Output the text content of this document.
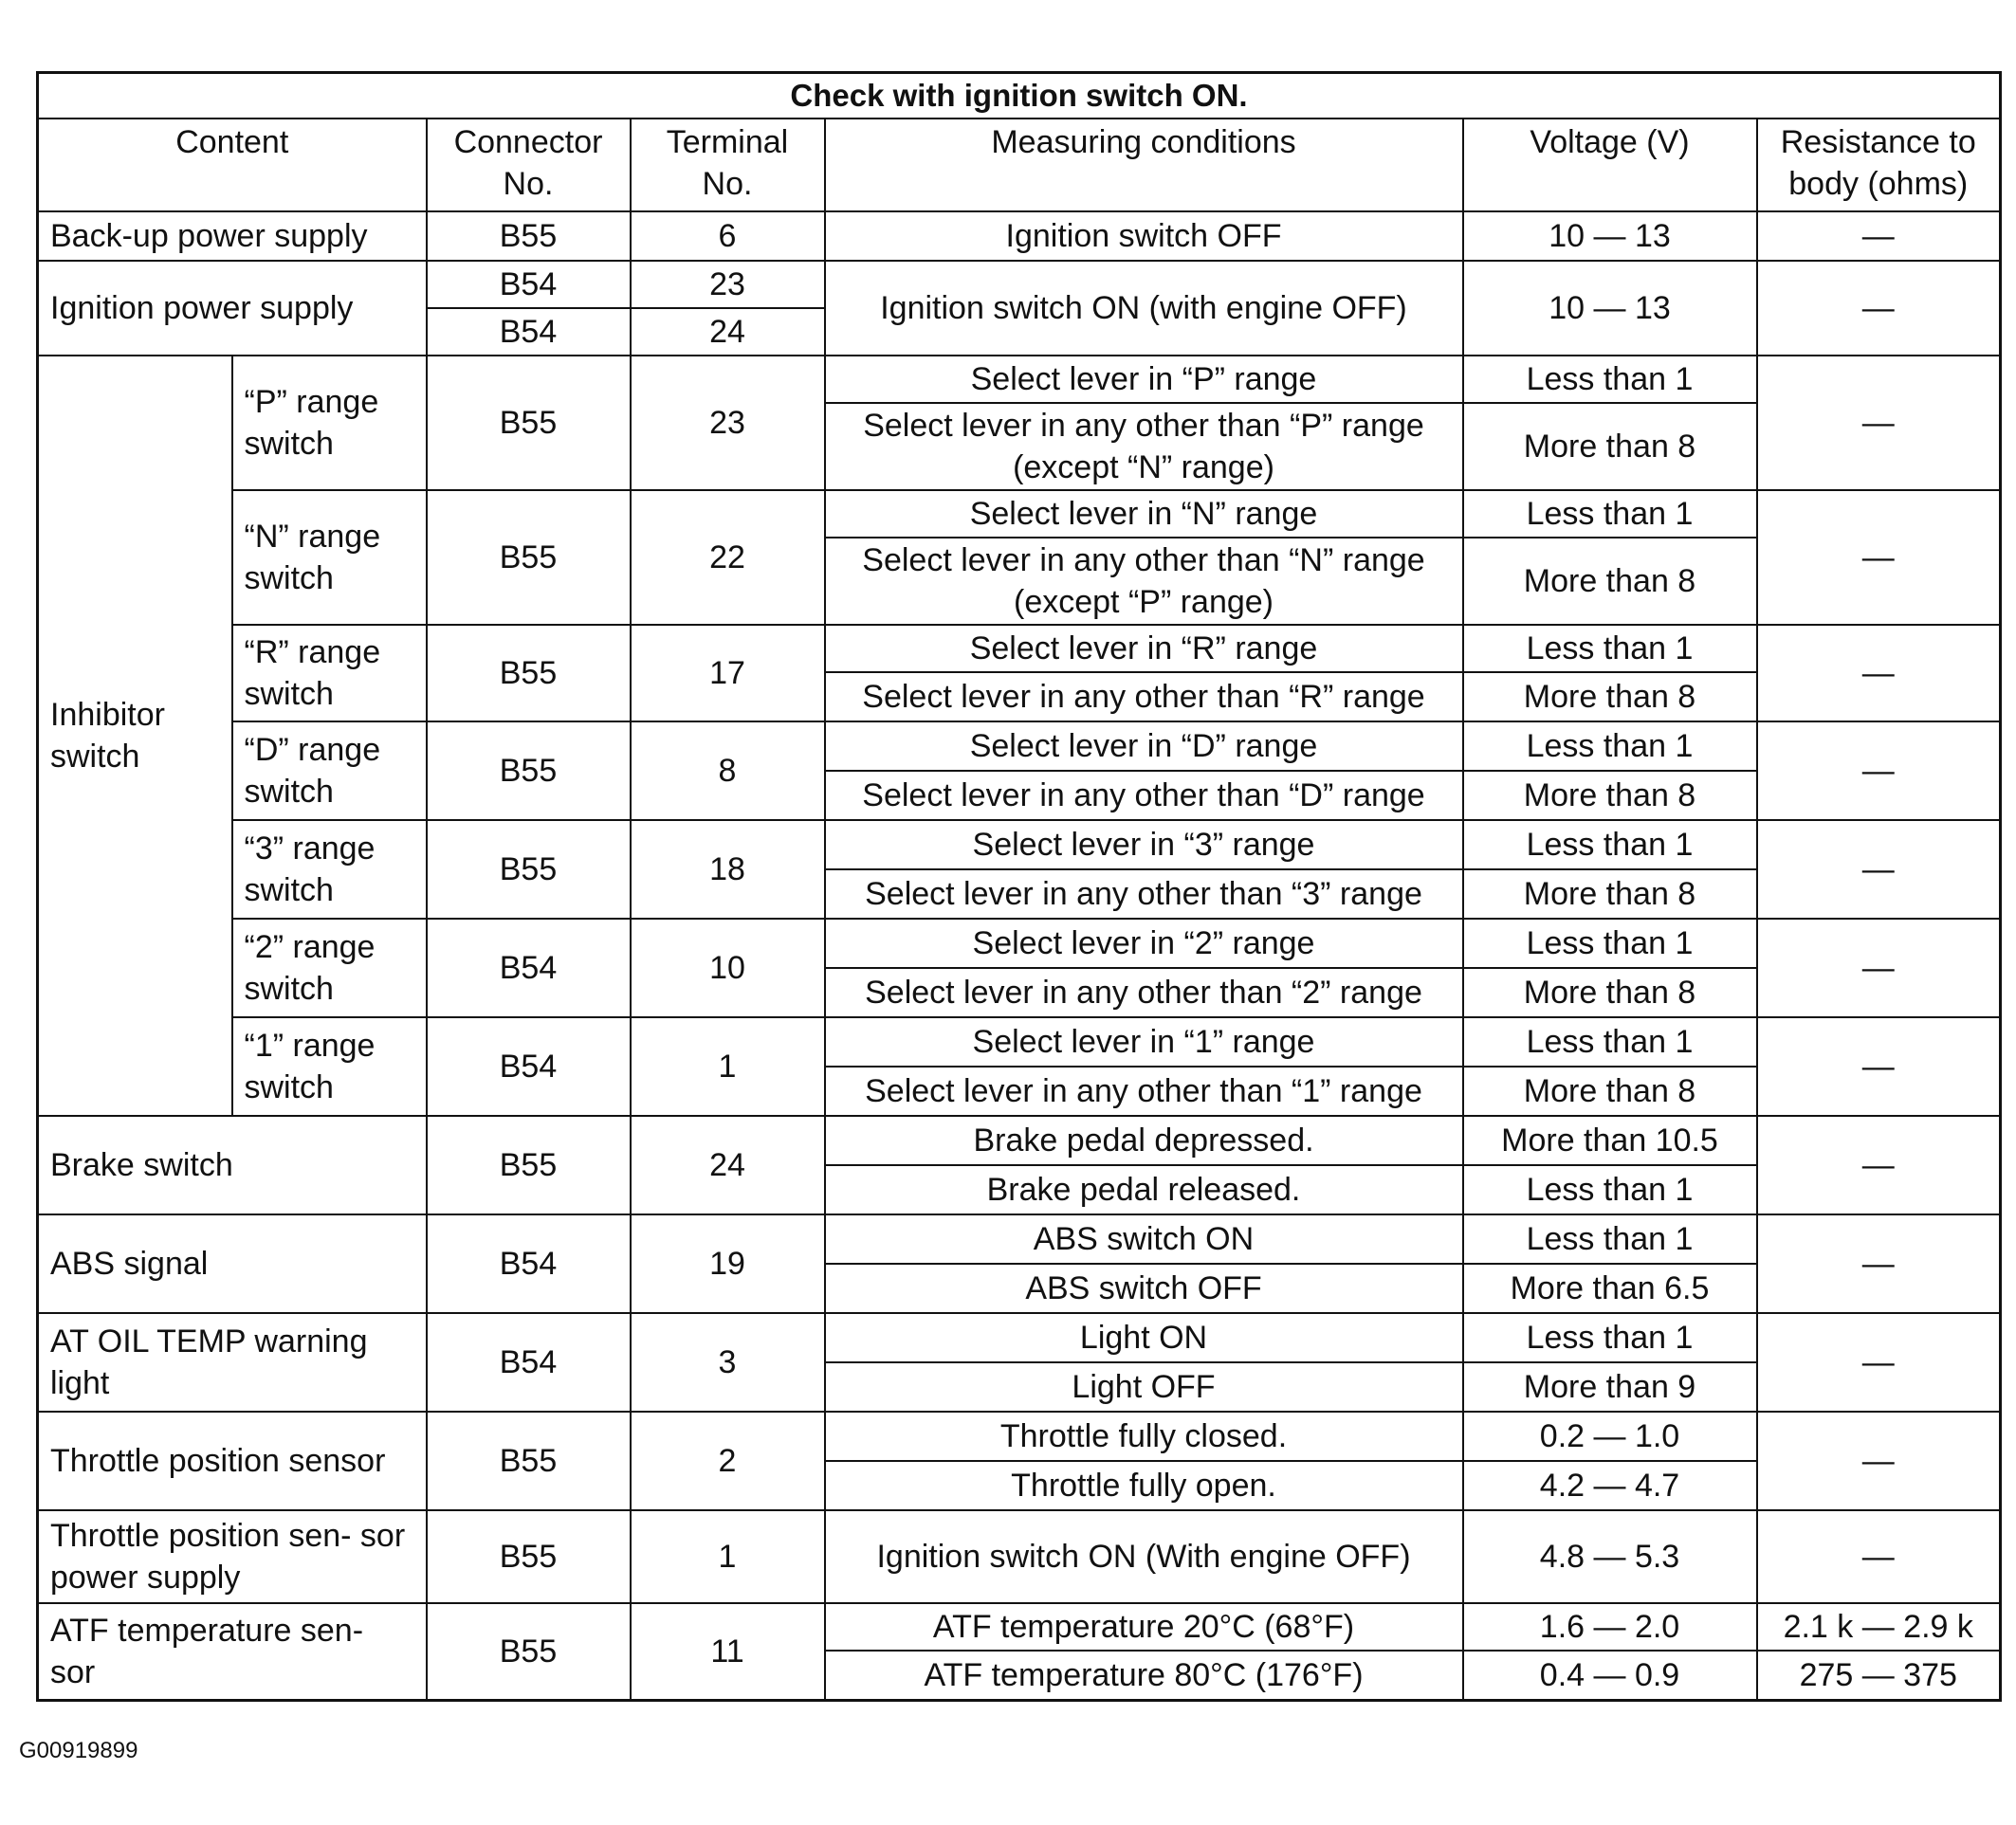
Check with ignition switch ON.						
Content		Connector No.	Terminal No.	Measuring conditions	Voltage (V)	Resistance to body (ohms)
Back-up power supply		B55	6	Ignition switch OFF	10 — 13	—
Ignition power supply		B54	23	Ignition switch ON (with engine OFF)	10 — 13	—
		B54	24			
Inhibitor switch	“P” range switch	B55	23	Select lever in “P” range	Less than 1	—
				Select lever in any other than “P” range (except “N” range)	More than 8	
	“N” range switch	B55	22	Select lever in “N” range	Less than 1	—
				Select lever in any other than “N” range (except “P” range)	More than 8	
	“R” range switch	B55	17	Select lever in “R” range	Less than 1	—
				Select lever in any other than “R” range	More than 8	
	“D” range switch	B55	8	Select lever in “D” range	Less than 1	—
				Select lever in any other than “D” range	More than 8	
	“3” range switch	B55	18	Select lever in “3” range	Less than 1	—
				Select lever in any other than “3” range	More than 8	
	“2” range switch	B54	10	Select lever in “2” range	Less than 1	—
				Select lever in any other than “2” range	More than 8	
	“1” range switch	B54	1	Select lever in “1” range	Less than 1	—
				Select lever in any other than “1” range	More than 8	
Brake switch		B55	24	Brake pedal depressed.	More than 10.5	—
				Brake pedal released.	Less than 1	
ABS signal		B54	19	ABS switch ON	Less than 1	—
				ABS switch OFF	More than 6.5	
AT OIL TEMP warning light		B54	3	Light ON	Less than 1	—
				Light OFF	More than 9	
Throttle position sensor		B55	2	Throttle fully closed.	0.2 — 1.0	—
				Throttle fully open.	4.2 — 4.7	
Throttle position sen- sor power supply		B55	1	Ignition switch ON (With engine OFF)	4.8 — 5.3	—
ATF temperature sen- sor		B55	11	ATF temperature 20°C (68°F)	1.6 — 2.0	2.1 k — 2.9 k
				ATF temperature 80°C (176°F)	0.4 — 0.9	275 — 375
G00919899
